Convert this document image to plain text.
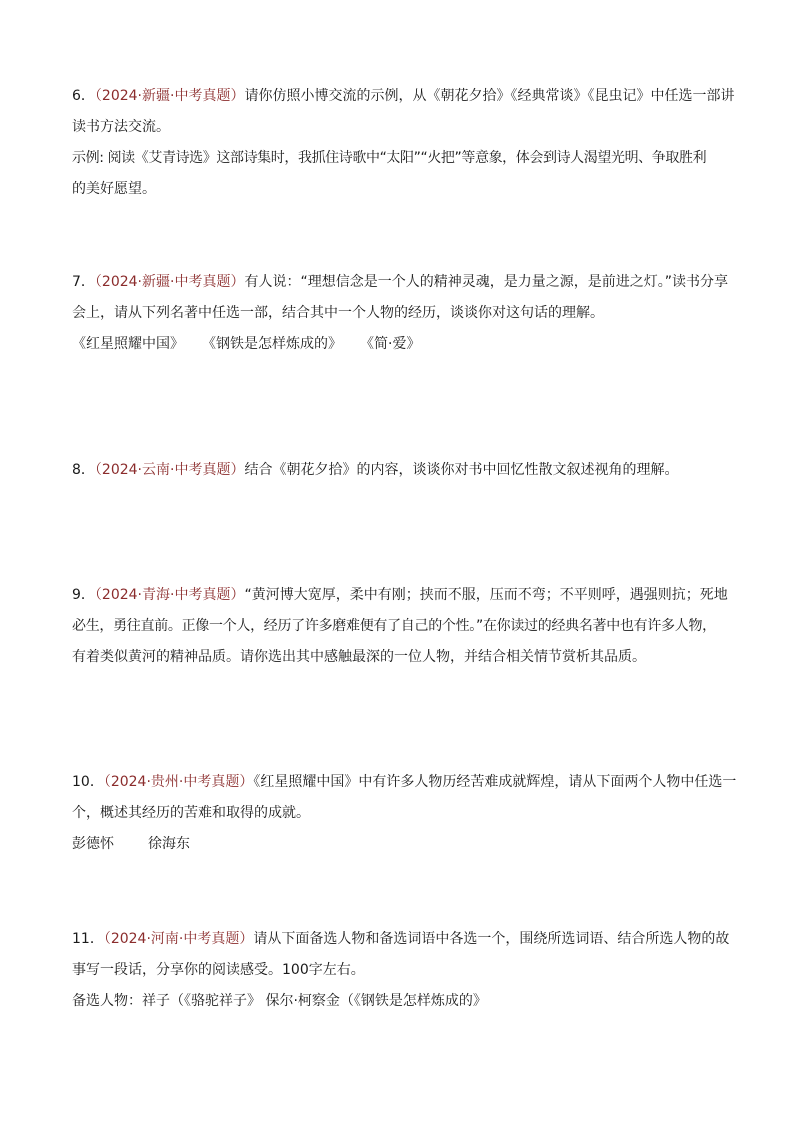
6．（2024·新疆·中考真题）请你仿照小博交流的示例，从《朝花夕拾》《经典常谈》《昆虫记》中任选一部讲
读书方法交流。
示例: 阅读《艾青诗选》这部诗集时，我抓住诗歌中“太阳”“火把”等意象，体会到诗人渴望光明、争取胜利
的美好愿望。
7．（2024·新疆·中考真题）有人说：“理想信念是一个人的精神灵魂，是力量之源，是前进之灯。”读书分享
会上，请从下列名著中任选一部，结合其中一个人物的经历，谈谈你对这句话的理解。
《红星照耀中国》 《钢铁是怎样炼成的》 《简·爱》
8．（2024·云南·中考真题）结合《朝花夕拾》的内容，谈谈你对书中回忆性散文叙述视角的理解。
9．（2024·青海·中考真题）“黄河博大宽厚，柔中有刚；挟而不服，压而不弯；不平则呼，遇强则抗；死地
必生，勇往直前。正像一个人，经历了许多磨难便有了自己的个性。”在你读过的经典名著中也有许多人物，
有着类似黄河的精神品质。请你选出其中感触最深的一位人物，并结合相关情节赏析其品质。
10．（2024·贵州·中考真题）《红星照耀中国》中有许多人物历经苦难成就辉煌，请从下面两个人物中任选一
个，概述其经历的苦难和取得的成就。
彭德怀 徐海东
11．（2024·河南·中考真题）请从下面备选人物和备选词语中各选一个，围绕所选词语、结合所选人物的故
事写一段话，分享你的阅读感受。100字左右。
备选人物：祥子（《骆驼祥子》 保尔·柯察金（《钢铁是怎样炼成的》
